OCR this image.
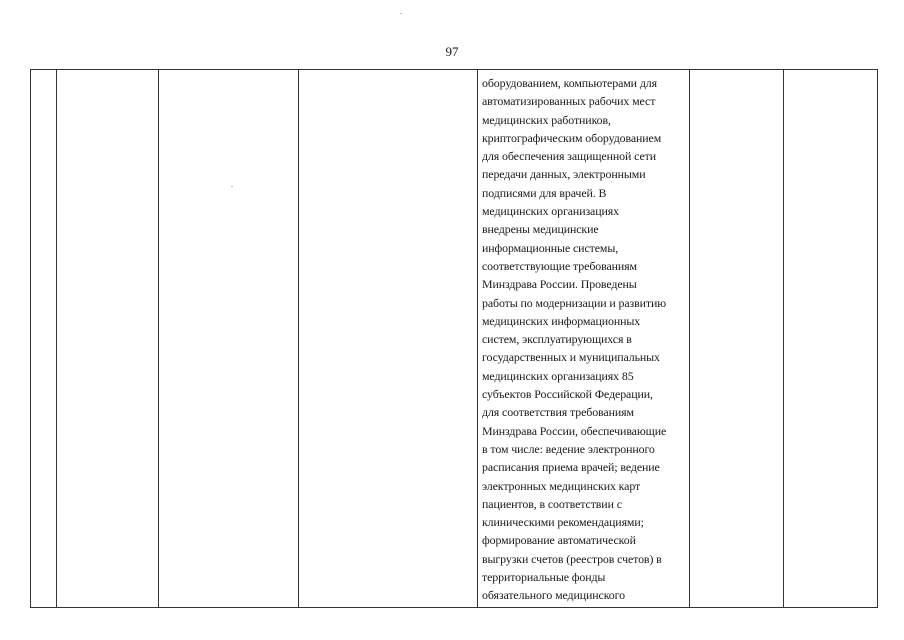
97
оборудованием, компьютерами для
автоматизированных рабочих мест
медицинских работников,
криптографическим оборудованием
для обеспечения защищенной сети
передачи данных, электронными
подписями для врачей. В
медицинских организациях
внедрены медицинские
информационные системы,
соответствующие требованиям
Минздрава России. Проведены
работы по модернизации и развитию
медицинских информационных
систем, эксплуатирующихся в
государственных и муниципальных
медицинских организациях 85
субъектов Российской Федерации,
для соответствия требованиям
Минздрава России, обеспечивающие
в том числе: ведение электронного
расписания приема врачей; ведение
электронных медицинских карт
пациентов, в соответствии с
клиническими рекомендациями;
формирование автоматической
выгрузки счетов (реестров счетов) в
территориальные фонды
обязательного медицинского
